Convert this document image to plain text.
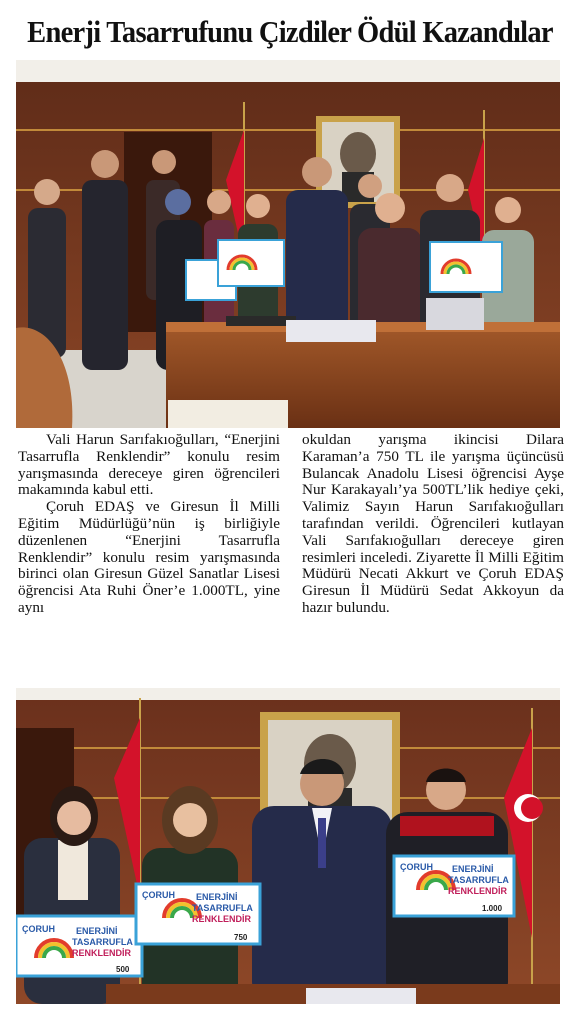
Enerji Tasarrufunu Çizdiler Ödül Kazandılar

Vali Harun Sarıfakıoğulları, “Enerjini Tasarrufla Renklendir” konulu resim yarışmasında dereceye giren öğrencileri makamında kabul etti.

Çoruh EDAŞ ve Giresun İl Milli Eğitim Müdürlüğü’nün iş birliğiyle düzenlenen “Enerjini Tasarrufla Renklendir” konulu resim yarışmasında birinci olan Giresun Güzel Sanatlar Lisesi öğrencisi Ata Ruhi Öner’e 1.000TL, yine aynı

okuldan yarışma ikincisi Dilara Karaman’a 750 TL ile yarışma üçüncüsü Bulancak Anadolu Lisesi öğrencisi Ayşe Nur Karakayalı’ya 500TL’lik hediye çeki, Valimiz Sayın Harun Sarıfakıoğulları tarafından verildi. Öğrencileri kutlayan Vali Sarıfakıoğulları dereceye giren resimleri inceledi. Ziyarette İl Milli Eğitim Müdürü Necati Akkurt ve Çoruh EDAŞ Giresun İl Müdürü Sedat Akkoyun da hazır bulundu.

ÇORUH ENERJİNİ
TASARRUFLA
RENKLENDİR
500
ÇORUH ENERJİNİ
TASARRUFLA
RENKLENDİR
750
ÇORUH ENERJİNİ
TASARRUFLA
RENKLENDİR
1.000
